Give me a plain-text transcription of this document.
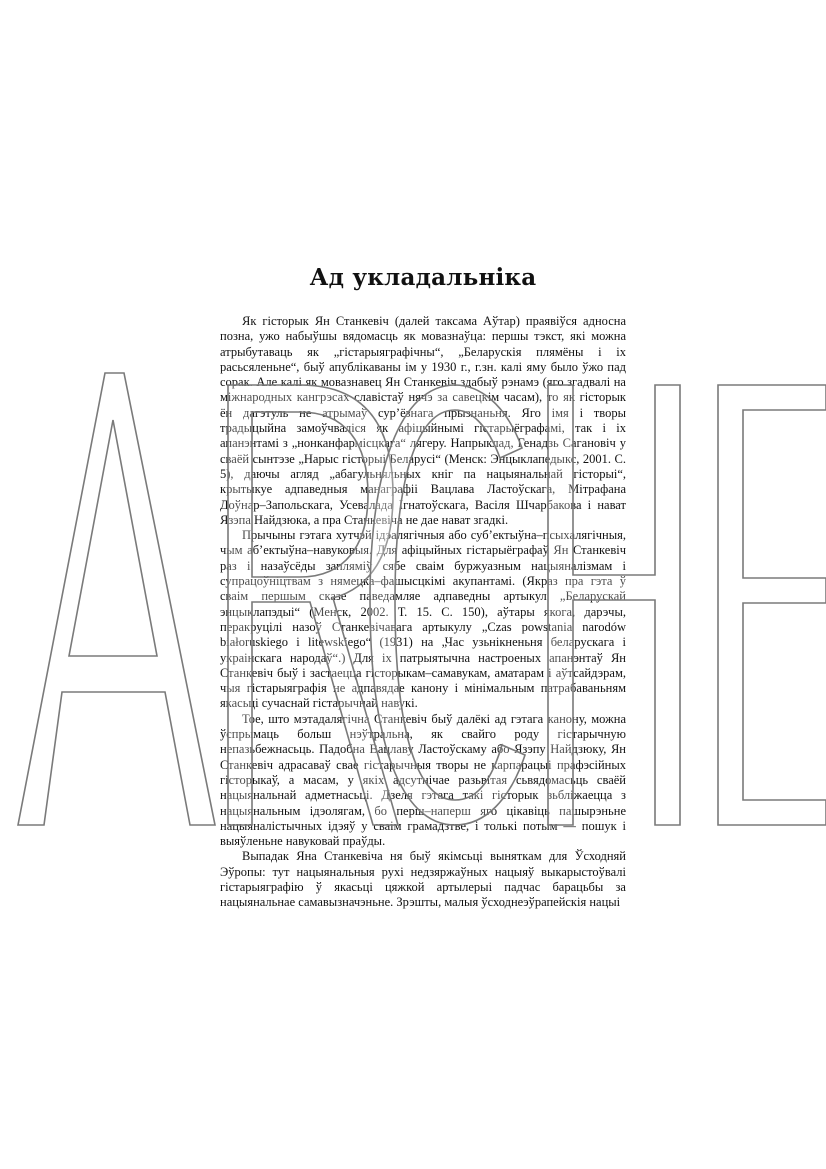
Ад укладальніка

Як гісторык Ян Станкевіч (далей таксама Аўтар) праявіўся адносна позна, ужо набыўшы вядомасць як мовазнаўца: першы тэкст, які можна атрыбутаваць як „гістарыяграфічны“, „Беларускія плямёны і іх расьсяленьне“, быў апублікаваны ім у 1930 г., г.зн. калі яму было ўжо пад сорак. Але калі як мовазнавец Ян Станкевіч здабыў рэнамэ (яго згадвалі на міжнародных кангрэсах славістаў нячэ за савецкім часам), то як гісторык ён дагэтуль не атрымаў сур’ёзнага прызнаньня. Яго імя і творы традыцыйна замоўчваліся як афіцыйнымі гістарыёграфамі, так і іх апанэнтамі з „нонканфармісцкага“ лягеру. Напрыклад, Генадзь Сагановіч у сваёй сынтэзе „Нарыс гісторыі Беларусі“ (Менск: Энцыклапедыкс, 2001. С. 5), даючы агляд „абагульняльных кніг па нацыянальнай гісторыі“, крытыкуе адпаведныя манаграфіі Вацлава Ластоўскага, Мітрафана Доўнар–Запольскага, Усевалада Ігнатоўскага, Васіля Шчарбакова і нават Язэпа Найдзюка, а пра Станкевіча не дае нават згадкі.

Прычыны гэтага хутчэй ідэалягічныя або суб’ектыўна–псыхалягічныя, чым аб’ектыўна–навуковыя. Для афіцыйных гістарыёграфаў Ян Станкевіч раз і назаўсёды заплямiў сябе сваім буржуазным нацыяналізмам і супрацоўніцтвам з нямецка–фашысцкімі акупантамі. (Якраз пра гэта ў сваім першым сказе паведамляе адпаведны артыкул „Беларускай энцыклапэдыі“ (Менск, 2002. Т. 15. С. 150), аўтары якога, дарэчы, перакруцілі назоў Станкевічавага артыкулу „Czas powstania narodów białoruskiego i litewskiego“ (1931) на „Час узьнікненьня беларускага і украінскага народаў“.) Для іх патрыятычна настроеных апанэнтаў Ян Станкевіч быў і застаецца гісторыкам–самавукам, аматарам і аўтсайдэрам, чыя гістарыяграфія не адпавядае канону і мінімальным патрабаваньням якасьці сучаснай гістарычнай навукі.

Тое, што мэтадалягічна Станкевіч быў далёкі ад гэтага канону, можна ўспрымаць больш нэўтральна, як свайго роду гістарычную непазьбежнасьць. Падобна Вацлаву Ластоўскаму або Язэпу Найдзюку, Ян Станкевіч адрасаваў свае гістарычныя творы не карпарацыі прафэсійных гісторыкаў, а масам, у якіх адсутнічае разьвітая сьвядомасьць сваёй нацыянальнай адметнасьці. Дзеля гэтага такі гісторык зьбліжаецца з нацыянальным ідэолягам, бо перш–наперш яго цікавіць пашырэньне нацыяналістычных ідэяў у сваім грамадзтве, і толькі потым — пошук і выяўленьне навуковай праўды.

Выпадак Яна Станкевіча ня быў якімсьці выняткам для Ўсходняй Эўропы: тут нацыянальныя рухі недзяржаўных нацыяў выкарыстоўвалі гістарыяграфію ў якасьці цяжкой артылерыі падчас барацьбы за нацыянальнае самавызначэньне. Зрэшты, малыя ўсходнеэўрапейскія нацыі
